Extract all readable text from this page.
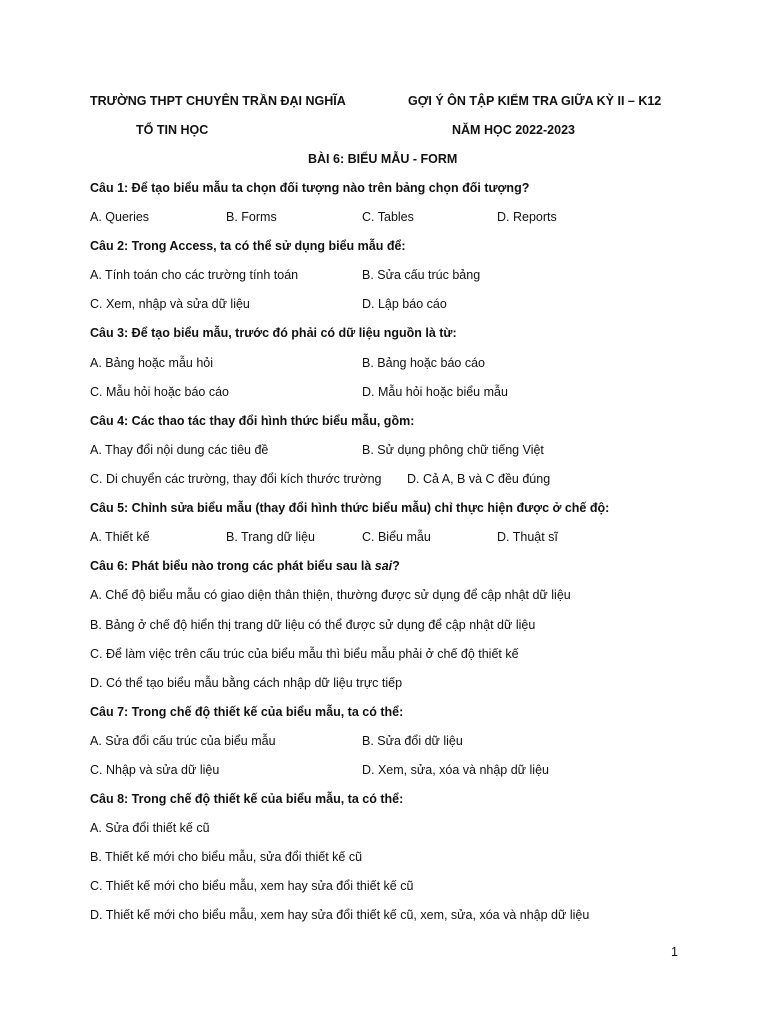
TRƯỜNG THPT CHUYÊN TRẦN ĐẠI NGHĨA	GỢI Ý ÔN TẬP KIỂM TRA GIỮA KỲ II – K12
TỔ TIN HỌC	NĂM HỌC 2022-2023
BÀI 6: BIỂU MẪU - FORM
Câu 1: Để tạo biểu mẫu ta chọn đối tượng nào trên bảng chọn đối tượng?
A. Queries	B. Forms	C. Tables	D. Reports
Câu 2: Trong Access, ta có thể sử dụng biểu mẫu để:
A. Tính toán cho các trường tính toán	B. Sửa cấu trúc bảng
C. Xem, nhập và sửa dữ liệu	D. Lập báo cáo
Câu 3: Để tạo biểu mẫu, trước đó phải có dữ liệu nguồn là từ:
A. Bảng hoặc mẫu hỏi	B. Bảng hoặc báo cáo
C. Mẫu hỏi hoặc báo cáo	D. Mẫu hỏi hoặc biểu mẫu
Câu 4: Các thao tác thay đổi hình thức biểu mẫu, gồm:
A. Thay đổi nội dung các tiêu đề	B. Sử dụng phông chữ tiếng Việt
C. Di chuyển các trường, thay đổi kích thước trường D. Cả A, B và C đều đúng
Câu 5: Chỉnh sửa biểu mẫu (thay đổi hình thức biểu mẫu) chỉ thực hiện được ở chế độ:
A. Thiết kế	B. Trang dữ liệu	C. Biểu mẫu	D. Thuật sĩ
Câu 6: Phát biểu nào trong các phát biểu sau là sai?
A. Chế độ biểu mẫu có giao diện thân thiện, thường được sử dụng để cập nhật dữ liệu
B. Bảng ở chế độ hiển thị trang dữ liệu có thể được sử dụng để cập nhật dữ liệu
C. Để làm việc trên cấu trúc của biểu mẫu thì biểu mẫu phải ở chế độ thiết kế
D. Có thể tạo biểu mẫu bằng cách nhập dữ liệu trực tiếp
Câu 7: Trong chế độ thiết kế của biểu mẫu, ta có thể:
A. Sửa đổi cấu trúc của biểu mẫu	B. Sửa đổi dữ liệu
C. Nhập và sửa dữ liệu	D. Xem, sửa, xóa và nhập dữ liệu
Câu 8: Trong chế độ thiết kế của biểu mẫu, ta có thể:
A. Sửa đổi thiết kế cũ
B. Thiết kế mới cho biểu mẫu, sửa đổi thiết kế cũ
C. Thiết kế mới cho biểu mẫu, xem hay sửa đổi thiết kế cũ
D. Thiết kế mới cho biểu mẫu, xem hay sửa đổi thiết kế cũ, xem, sửa, xóa và nhập dữ liệu
1
